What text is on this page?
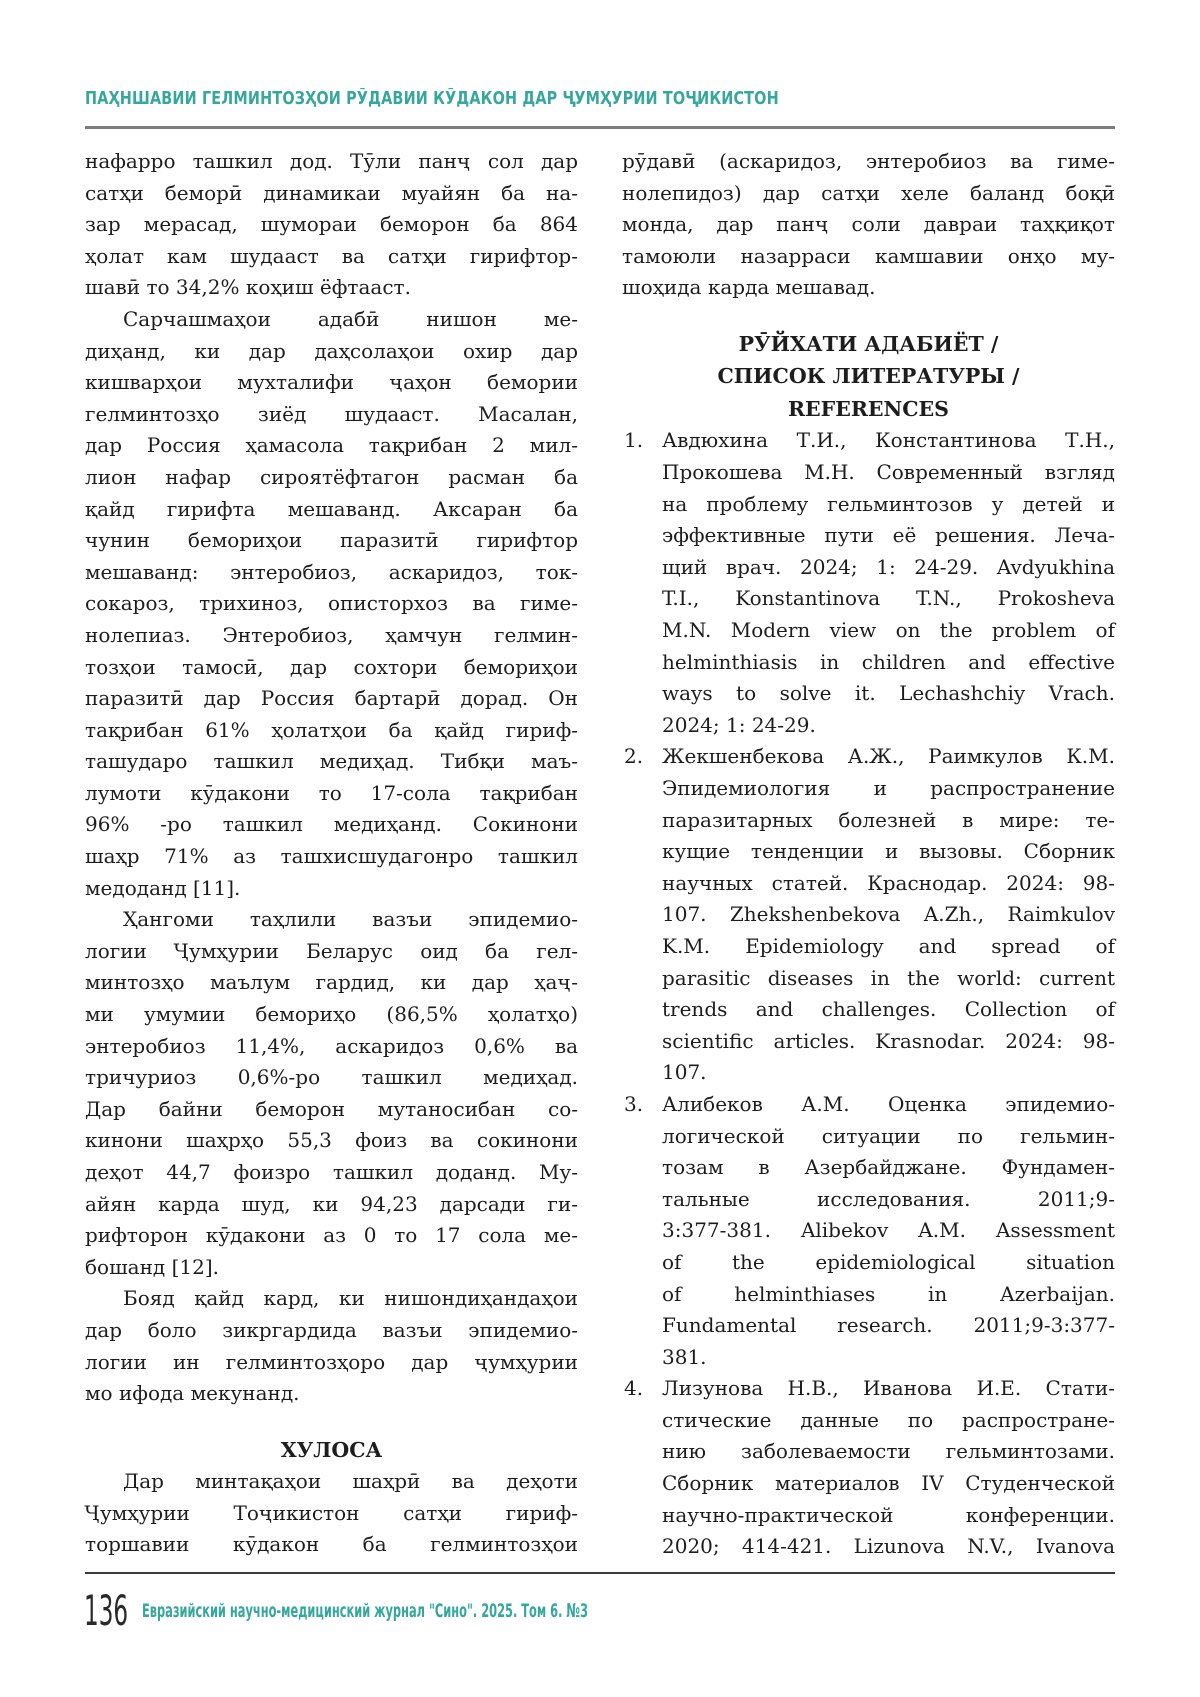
ПАҲНШАВИИ ГЕЛМИНТОЗҲОИ РӮДАВИИ КӮДАКОН ДАР ҶУМҲУРИИ ТОҶИКИСТОН
нафарро ташкил дод. Тӯли панҷ сол дар
сатҳи беморӣ динамикаи муайян ба на-
зар мерасад, шумораи беморон ба 864
ҳолат кам шудааст ва сатҳи гирифтор-
шавӣ то 34,2% коҳиш ёфтааст.
Сарчашмаҳои адабӣ нишон ме-
диҳанд, ки дар даҳсолаҳои охир дар
кишварҳои мухталифи ҷаҳон бемории
гелминтозҳо зиёд шудааст. Масалан,
дар Россия ҳамасола тақрибан 2 мил-
лион нафар сироятёфтагон расман ба
қайд гирифта мешаванд. Аксаран ба
чунин бемориҳои паразитӣ гирифтор
мешаванд: энтеробиоз, аскаридоз, ток-
сокароз, трихиноз, описторхоз ва гиме-
нолепиаз. Энтеробиоз, ҳамчун гелмин-
тозҳои тамосӣ, дар сохтори бемориҳои
паразитӣ дар Россия бартарӣ дорад. Он
тақрибан 61% ҳолатҳои ба қайд гириф-
ташударо ташкил медиҳад. Тибқи маъ-
лумоти кӯдакони то 17-сола тақрибан
96% -ро ташкил медиҳанд. Сокинони
шаҳр 71% аз ташхисшудагонро ташкил
медоданд [11].
Ҳангоми таҳлили вазъи эпидемио-
логии Ҷумҳурии Беларус оид ба гел-
минтозҳо маълум гардид, ки дар ҳаҷ-
ми умумии бемориҳо (86,5% ҳолатҳо)
энтеробиоз 11,4%, аскаридоз 0,6% ва
тричуриоз 0,6%-ро ташкил медиҳад.
Дар байни беморон мутаносибан со-
кинони шаҳрҳо 55,3 фоиз ва сокинони
деҳот 44,7 фоизро ташкил доданд. Му-
айян карда шуд, ки 94,23 дарсади ги-
рифторон кӯдакони аз 0 то 17 сола ме-
бошанд [12].
Бояд қайд кард, ки нишондиҳандаҳои
дар боло зикргардида вазъи эпидемио-
логии ин гелминтозҳоро дар ҷумҳурии
мо ифода мекунанд.
ХУЛОСА
Дар минтақаҳои шаҳрӣ ва деҳоти
Ҷумҳурии Тоҷикистон сатҳи гириф-
торшавии кӯдакон ба гелминтозҳои
рӯдавӣ (аскаридоз, энтеробиоз ва гиме-
нолепидоз) дар сатҳи хеле баланд боқӣ
монда, дар панҷ соли давраи таҳқиқот
тамоюли назарраси камшавии онҳо му-
шоҳида карда мешавад.
РӮЙХАТИ АДАБИЁТ /
СПИСОК ЛИТЕРАТУРЫ /
REFERENCES
1. Авдюхина Т.И., Константинова Т.Н.,
Прокошева М.Н. Современный взгляд
на проблему гельминтозов у детей и
эффективные пути её решения. Леча-
щий врач. 2024; 1: 24-29. Avdyukhina
T.I., Konstantinova T.N., Prokosheva
M.N. Modern view on the problem of
helminthiasis in children and effective
ways to solve it. Lechashchiy Vrach.
2024; 1: 24-29.
2. Жекшенбекова А.Ж., Раимкулов К.М.
Эпидемиология и распространение
паразитарных болезней в мире: те-
кущие тенденции и вызовы. Сборник
научных статей. Краснодар. 2024: 98-
107. Zhekshenbekova A.Zh., Raimkulov
K.M. Epidemiology and spread of
parasitic diseases in the world: current
trends and challenges. Collection of
scientific articles. Krasnodar. 2024: 98-
107.
3. Алибеков А.М. Оценка эпидемио-
логической ситуации по гельмин-
тозам в Азербайджане. Фундамен-
тальные исследования. 2011;9-
3:377-381. Alibekov A.M. Assessment
of the epidemiological situation
of helminthiases in Azerbaijan.
Fundamental research. 2011;9-3:377-
381.
4. Лизунова Н.В., Иванова И.Е. Стати-
стические данные по распростране-
нию заболеваемости гельминтозами.
Сборник материалов IV Студенческой
научно-практической конференции.
2020; 414-421. Lizunova N.V., Ivanova
136 Евразийский научно-медицинский журнал "Сино". 2025. Том 6. №3
